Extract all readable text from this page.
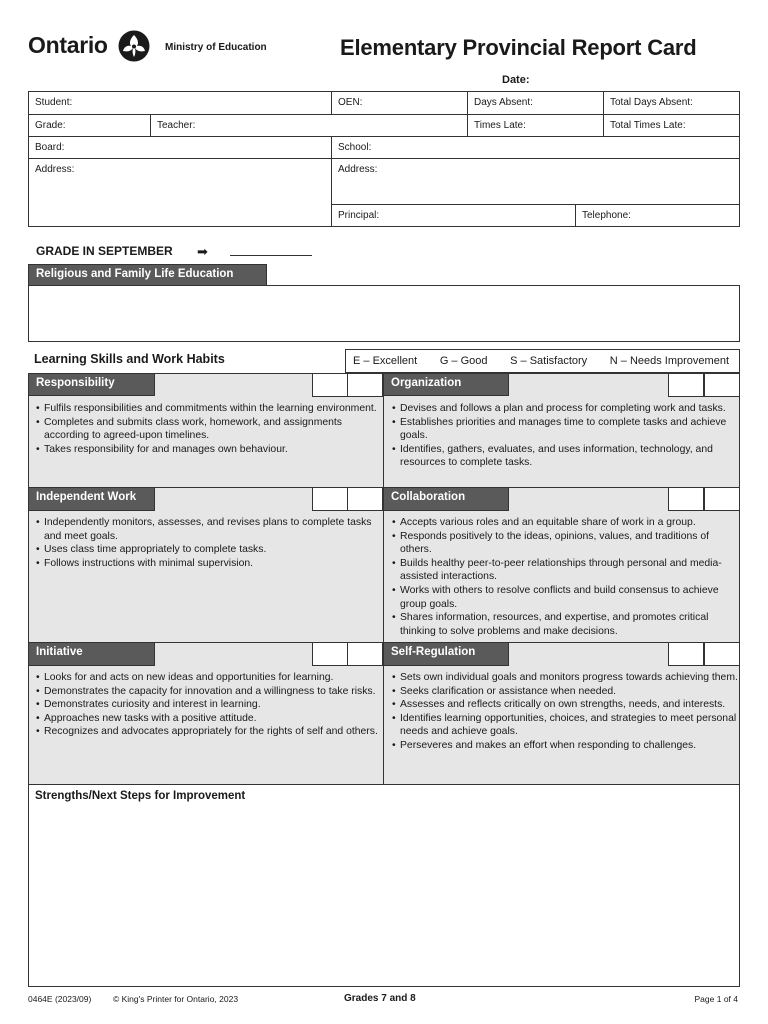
Ontario	Ministry of Education	Elementary Provincial Report Card
Date:
Student:	OEN:	Days Absent:	Total Days Absent:
Grade:	Teacher:	Times Late:	Total Times Late:
Board:	School:
Address:	Address:
Principal:	Telephone:
GRADE IN SEPTEMBER ➡
Religious and Family Life Education
Learning Skills and Work Habits	E – Excellent G – Good S – Satisfactory N – Needs Improvement
Responsibility
• Fulfils responsibilities and commitments within the learning environment.
• Completes and submits class work, homework, and assignments according to agreed-upon timelines.
• Takes responsibility for and manages own behaviour.
Organization
• Devises and follows a plan and process for completing work and tasks.
• Establishes priorities and manages time to complete tasks and achieve goals.
• Identifies, gathers, evaluates, and uses information, technology, and resources to complete tasks.
Independent Work
• Independently monitors, assesses, and revises plans to complete tasks and meet goals.
• Uses class time appropriately to complete tasks.
• Follows instructions with minimal supervision.
Collaboration
• Accepts various roles and an equitable share of work in a group.
• Responds positively to the ideas, opinions, values, and traditions of others.
• Builds healthy peer-to-peer relationships through personal and media-assisted interactions.
• Works with others to resolve conflicts and build consensus to achieve group goals.
• Shares information, resources, and expertise, and promotes critical thinking to solve problems and make decisions.
Initiative
• Looks for and acts on new ideas and opportunities for learning.
• Demonstrates the capacity for innovation and a willingness to take risks.
• Demonstrates curiosity and interest in learning.
• Approaches new tasks with a positive attitude.
• Recognizes and advocates appropriately for the rights of self and others.
Self-Regulation
• Sets own individual goals and monitors progress towards achieving them.
• Seeks clarification or assistance when needed.
• Assesses and reflects critically on own strengths, needs, and interests.
• Identifies learning opportunities, choices, and strategies to meet personal needs and achieve goals.
• Perseveres and makes an effort when responding to challenges.
Strengths/Next Steps for Improvement
0464E (2023/09)	© King's Printer for Ontario, 2023	Grades 7 and 8	Page 1 of 4
